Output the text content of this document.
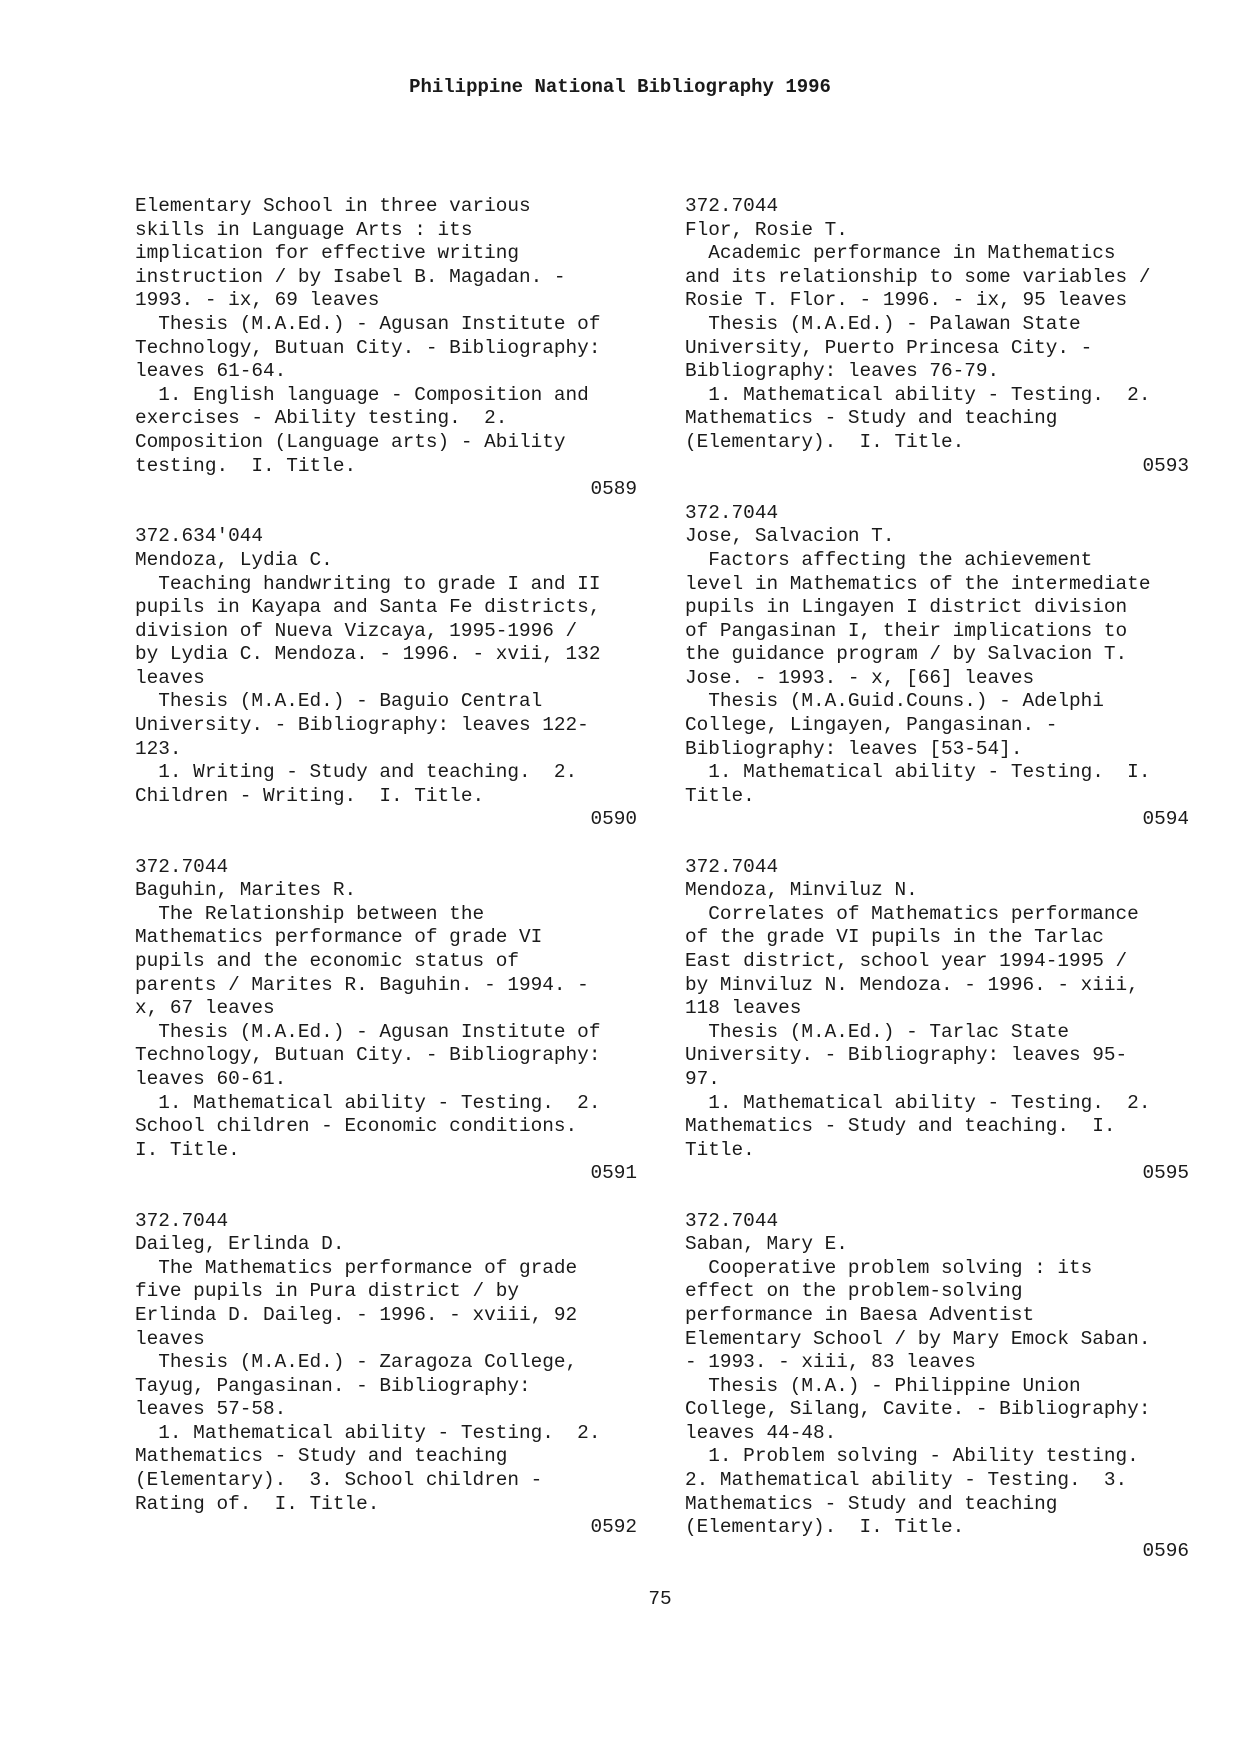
Philippine National Bibliography 1996
Elementary School in three various
skills in Language Arts : its
implication for effective writing
instruction / by Isabel B. Magadan. -
1993. - ix, 69 leaves
Thesis (M.A.Ed.) - Agusan Institute of
Technology, Butuan City. - Bibliography:
leaves 61-64.
1. English language - Composition and
exercises - Ability testing.  2.
Composition (Language arts) - Ability
testing.  I. Title.
0589
372.634'044
Mendoza, Lydia C.
Teaching handwriting to grade I and II
pupils in Kayapa and Santa Fe districts,
division of Nueva Vizcaya, 1995-1996 /
by Lydia C. Mendoza. - 1996. - xvii, 132
leaves
Thesis (M.A.Ed.) - Baguio Central
University. - Bibliography: leaves 122-
123.
1. Writing - Study and teaching.  2.
Children - Writing.  I. Title.
0590
372.7044
Baguhin, Marites R.
The Relationship between the
Mathematics performance of grade VI
pupils and the economic status of
parents / Marites R. Baguhin. - 1994. -
x, 67 leaves
Thesis (M.A.Ed.) - Agusan Institute of
Technology, Butuan City. - Bibliography:
leaves 60-61.
1. Mathematical ability - Testing.  2.
School children - Economic conditions.
I. Title.
0591
372.7044
Daileg, Erlinda D.
The Mathematics performance of grade
five pupils in Pura district / by
Erlinda D. Daileg. - 1996. - xviii, 92
leaves
Thesis (M.A.Ed.) - Zaragoza College,
Tayug, Pangasinan. - Bibliography:
leaves 57-58.
1. Mathematical ability - Testing.  2.
Mathematics - Study and teaching
(Elementary).  3. School children -
Rating of.  I. Title.
0592
372.7044
Flor, Rosie T.
Academic performance in Mathematics
and its relationship to some variables /
Rosie T. Flor. - 1996. - ix, 95 leaves
Thesis (M.A.Ed.) - Palawan State
University, Puerto Princesa City. -
Bibliography: leaves 76-79.
1. Mathematical ability - Testing.  2.
Mathematics - Study and teaching
(Elementary).  I. Title.
0593
372.7044
Jose, Salvacion T.
Factors affecting the achievement
level in Mathematics of the intermediate
pupils in Lingayen I district division
of Pangasinan I, their implications to
the guidance program / by Salvacion T.
Jose. - 1993. - x, [66] leaves
Thesis (M.A.Guid.Couns.) - Adelphi
College, Lingayen, Pangasinan. -
Bibliography: leaves [53-54].
1. Mathematical ability - Testing.  I.
Title.
0594
372.7044
Mendoza, Minviluz N.
Correlates of Mathematics performance
of the grade VI pupils in the Tarlac
East district, school year 1994-1995 /
by Minviluz N. Mendoza. - 1996. - xiii,
118 leaves
Thesis (M.A.Ed.) - Tarlac State
University. - Bibliography: leaves 95-
97.
1. Mathematical ability - Testing.  2.
Mathematics - Study and teaching.  I.
Title.
0595
372.7044
Saban, Mary E.
Cooperative problem solving : its
effect on the problem-solving
performance in Baesa Adventist
Elementary School / by Mary Emock Saban.
- 1993. - xiii, 83 leaves
Thesis (M.A.) - Philippine Union
College, Silang, Cavite. - Bibliography:
leaves 44-48.
1. Problem solving - Ability testing.
2. Mathematical ability - Testing.  3.
Mathematics - Study and teaching
(Elementary).  I. Title.
0596
75
